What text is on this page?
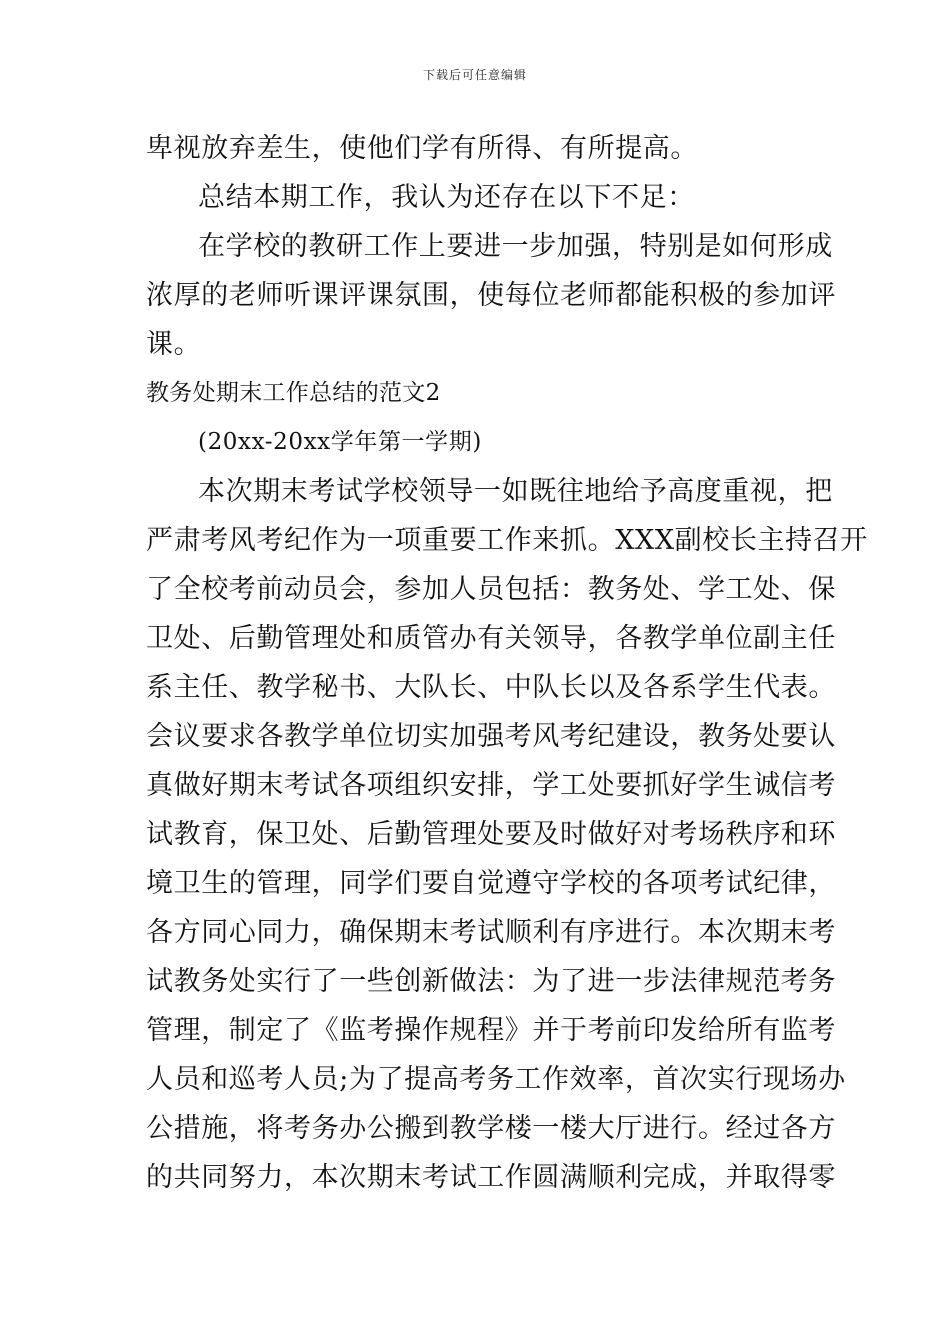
下载后可任意编辑
卑视放弃差生，使他们学有所得、有所提高。
总结本期工作，我认为还存在以下不足：
在学校的教研工作上要进一步加强，特别是如何形成
浓厚的老师听课评课氛围，使每位老师都能积极的参加评
课。
教务处期末工作总结的范文2
(20xx-20xx学年第一学期)
本次期末考试学校领导一如既往地给予高度重视，把
严肃考风考纪作为一项重要工作来抓。XXX副校长主持召开
了全校考前动员会，参加人员包括：教务处、学工处、保
卫处、后勤管理处和质管办有关领导，各教学单位副主任
系主任、教学秘书、大队长、中队长以及各系学生代表。
会议要求各教学单位切实加强考风考纪建设，教务处要认
真做好期末考试各项组织安排，学工处要抓好学生诚信考
试教育，保卫处、后勤管理处要及时做好对考场秩序和环
境卫生的管理，同学们要自觉遵守学校的各项考试纪律，
各方同心同力，确保期末考试顺利有序进行。本次期末考
试教务处实行了一些创新做法：为了进一步法律规范考务
管理，制定了《监考操作规程》并于考前印发给所有监考
人员和巡考人员;为了提高考务工作效率，首次实行现场办
公措施，将考务办公搬到教学楼一楼大厅进行。经过各方
的共同努力，本次期末考试工作圆满顺利完成，并取得零
